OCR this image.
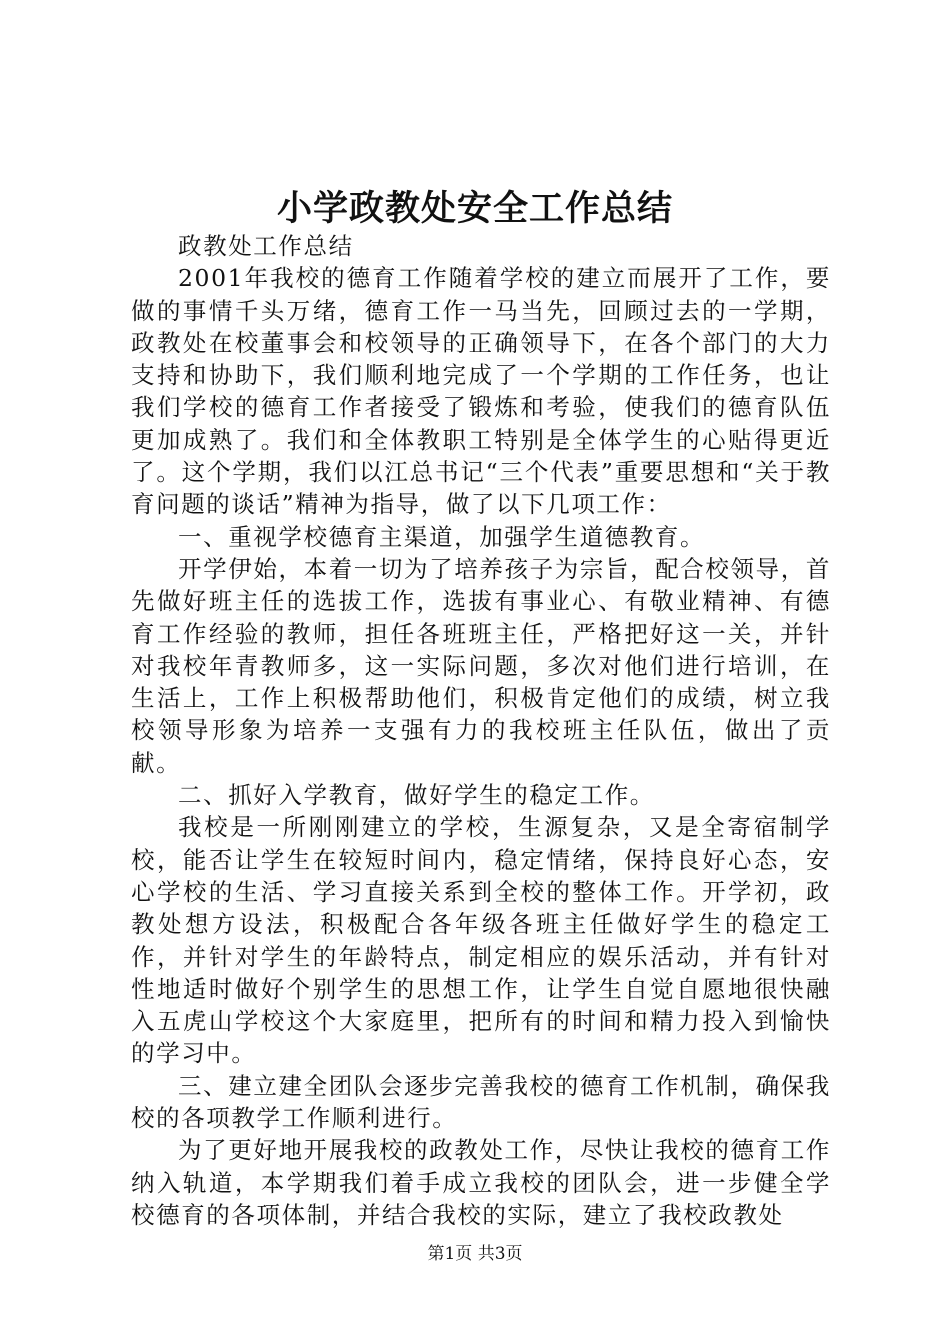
小学政教处安全工作总结

政教处工作总结

2001年我校的德育工作随着学校的建立而展开了工作，要做的事情千头万绪，德育工作一马当先，回顾过去的一学期，政教处在校董事会和校领导的正确领导下，在各个部门的大力支持和协助下，我们顺利地完成了一个学期的工作任务，也让我们学校的德育工作者接受了锻炼和考验，使我们的德育队伍更加成熟了。我们和全体教职工特别是全体学生的心贴得更近了。这个学期，我们以江总书记“三个代表”重要思想和“关于教育问题的谈话”精神为指导，做了以下几项工作：

一、重视学校德育主渠道，加强学生道德教育。

开学伊始，本着一切为了培养孩子为宗旨，配合校领导，首先做好班主任的选拔工作，选拔有事业心、有敬业精神、有德育工作经验的教师，担任各班班主任，严格把好这一关，并针对我校年青教师多，这一实际问题，多次对他们进行培训，在生活上，工作上积极帮助他们，积极肯定他们的成绩，树立我校领导形象为培养一支强有力的我校班主任队伍，做出了贡献。

二、抓好入学教育，做好学生的稳定工作。

我校是一所刚刚建立的学校，生源复杂，又是全寄宿制学校，能否让学生在较短时间内，稳定情绪，保持良好心态，安心学校的生活、学习直接关系到全校的整体工作。开学初，政教处想方设法，积极配合各年级各班主任做好学生的稳定工作，并针对学生的年龄特点，制定相应的娱乐活动，并有针对性地适时做好个别学生的思想工作，让学生自觉自愿地很快融入五虎山学校这个大家庭里，把所有的时间和精力投入到愉快的学习中。

三、建立建全团队会逐步完善我校的德育工作机制，确保我校的各项教学工作顺利进行。

为了更好地开展我校的政教处工作，尽快让我校的德育工作纳入轨道，本学期我们着手成立我校的团队会，进一步健全学校德育的各项体制，并结合我校的实际，建立了我校政教处

第1页 共3页
